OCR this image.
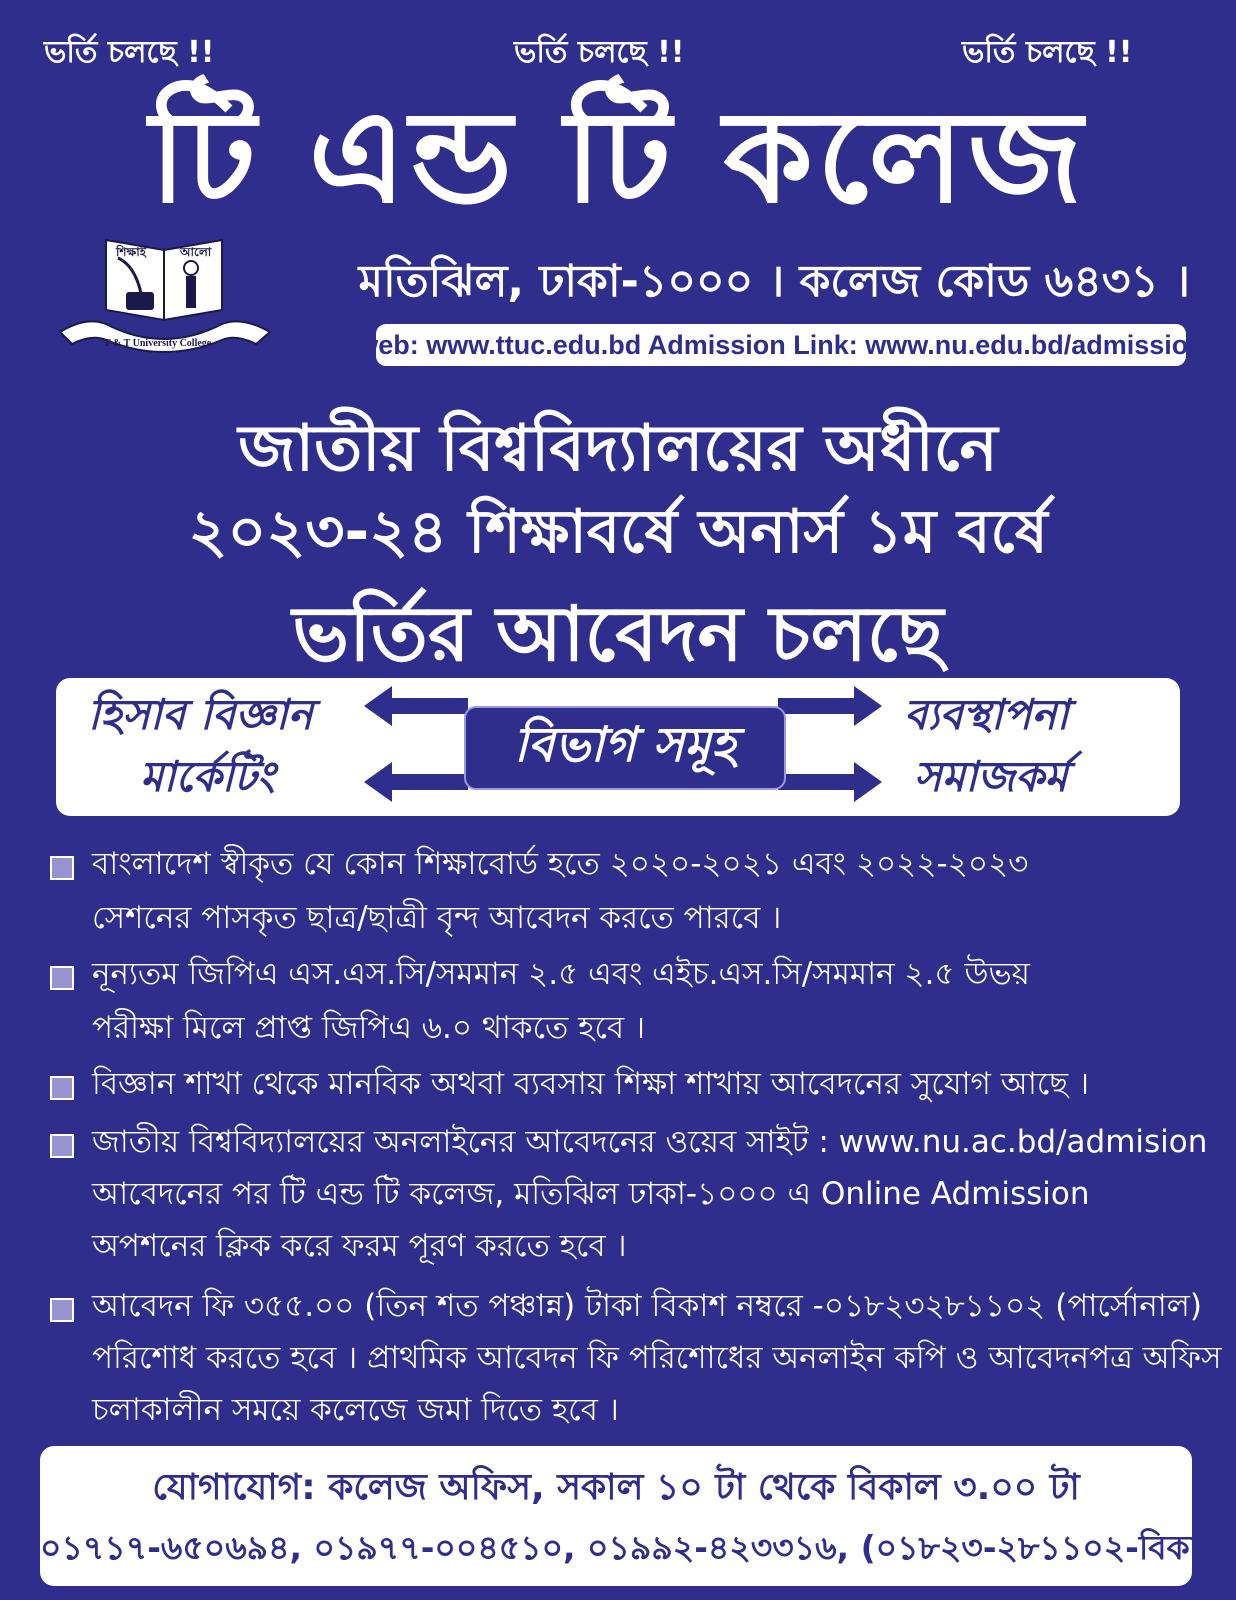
ভর্তি চলছে !!	ভর্তি চলছে !!	ভর্তি চলছে !!
টি এন্ড টি কলেজ
শিক্ষাই	আলো
T & T University College
মতিঝিল, ঢাকা-১০০০ । কলেজ কোড ৬৪৩১ ।
web: www.ttuc.edu.bd Admission Link: www.nu.edu.bd/admission
জাতীয় বিশ্ববিদ্যালয়ের অধীনে
২০২৩-২৪ শিক্ষাবর্ষে অনার্স ১ম বর্ষে
ভর্তির আবেদন চলছে
হিসাব বিজ্ঞান
মার্কেটিং
ব্যবস্থাপনা
সমাজকর্ম
বিভাগ সমূহ
বাংলাদেশ স্বীকৃত যে কোন শিক্ষাবোর্ড হতে ২০২০-২০২১ এবং ২০২২-২০২৩
সেশনের পাসকৃত ছাত্র/ছাত্রী বৃন্দ আবেদন করতে পারবে ।
নূন্যতম জিপিএ এস.এস.সি/সমমান ২.৫ এবং এইচ.এস.সি/সমমান ২.৫ উভয়
পরীক্ষা মিলে প্রাপ্ত জিপিএ ৬.০ থাকতে হবে ।
বিজ্ঞান শাখা থেকে মানবিক অথবা ব্যবসায় শিক্ষা শাখায় আবেদনের সুযোগ আছে ।
জাতীয় বিশ্ববিদ্যালয়ের অনলাইনের আবেদনের ওয়েব সাইট : www.nu.ac.bd/admision
আবেদনের পর টি এন্ড টি কলেজ, মতিঝিল ঢাকা-১০০০ এ Online Admission
অপশনের ক্লিক করে ফরম পূরণ করতে হবে ।
আবেদন ফি ৩৫৫.০০ (তিন শত পঞ্চান্ন) টাকা বিকাশ নম্বরে -০১৮২৩২৮১১০২ (পার্সোনাল)
পরিশোধ করতে হবে । প্রাথমিক আবেদন ফি পরিশোধের অনলাইন কপি ও আবেদনপত্র অফিস
চলাকালীন সময়ে কলেজে জমা দিতে হবে ।
যোগাযোগ: কলেজ অফিস, সকাল ১০ টা থেকে বিকাল ৩.০০ টা
০১৭১৭-৬৫০৬৯৪, ০১৯৭৭-০০৪৫১০, ০১৯৯২-৪২৩৩১৬, (০১৮২৩-২৮১১০২-বিকাশ)
